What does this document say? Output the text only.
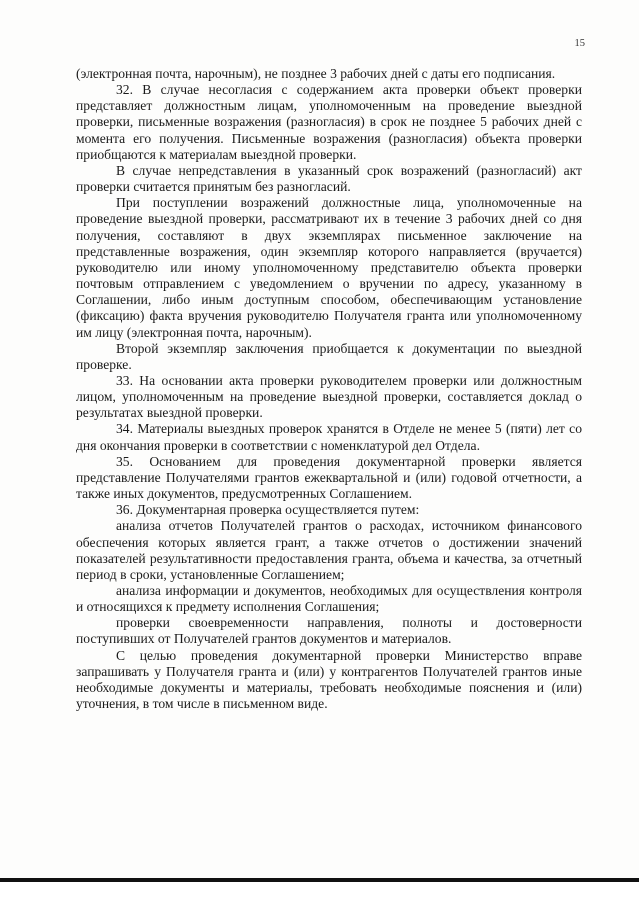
15

(электронная почта, нарочным), не позднее 3 рабочих дней с даты его подписания.

32. В случае несогласия с содержанием акта проверки объект проверки представляет должностным лицам, уполномоченным на проведение выездной проверки, письменные возражения (разногласия) в срок не позднее 5 рабочих дней с момента его получения. Письменные возражения (разногласия) объекта проверки приобщаются к материалам выездной проверки.

В случае непредставления в указанный срок возражений (разногласий) акт проверки считается принятым без разногласий.

При поступлении возражений должностные лица, уполномоченные на проведение выездной проверки, рассматривают их в течение 3 рабочих дней со дня получения, составляют в двух экземплярах письменное заключение на представленные возражения, один экземпляр которого направляется (вручается) руководителю или иному уполномоченному представителю объекта проверки почтовым отправлением с уведомлением о вручении по адресу, указанному в Соглашении, либо иным доступным способом, обеспечивающим установление (фиксацию) факта вручения руководителю Получателя гранта или уполномоченному им лицу (электронная почта, нарочным).

Второй экземпляр заключения приобщается к документации по выездной проверке.

33. На основании акта проверки руководителем проверки или должностным лицом, уполномоченным на проведение выездной проверки, составляется доклад о результатах выездной проверки.

34. Материалы выездных проверок хранятся в Отделе не менее 5 (пяти) лет со дня окончания проверки в соответствии с номенклатурой дел Отдела.

35. Основанием для проведения документарной проверки является представление Получателями грантов ежеквартальной и (или) годовой отчетности, а также иных документов, предусмотренных Соглашением.

36. Документарная проверка осуществляется путем:

анализа отчетов Получателей грантов о расходах, источником финансового обеспечения которых является грант, а также отчетов о достижении значений показателей результативности предоставления гранта, объема и качества, за отчетный период в сроки, установленные Соглашением;

анализа информации и документов, необходимых для осуществления контроля и относящихся к предмету исполнения Соглашения;

проверки своевременности направления, полноты и достоверности поступивших от Получателей грантов документов и материалов.

С целью проведения документарной проверки Министерство вправе запрашивать у Получателя гранта и (или) у контрагентов Получателей грантов иные необходимые документы и материалы, требовать необходимые пояснения и (или) уточнения, в том числе в письменном виде.
